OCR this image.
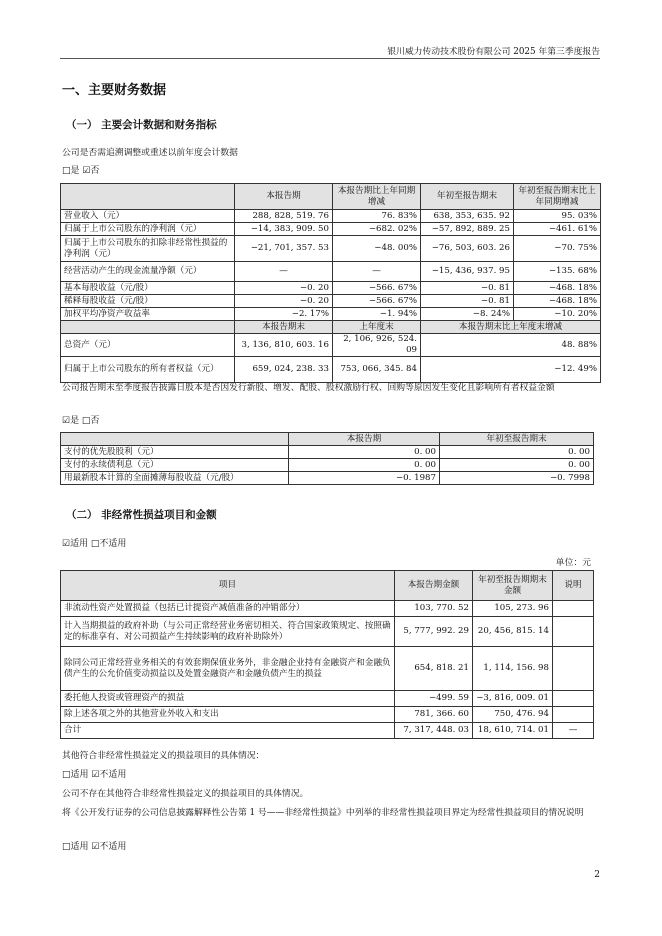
银川威力传动技术股份有限公司 2025 年第三季度报告
一、主要财务数据
（一） 主要会计数据和财务指标
公司是否需追溯调整或重述以前年度会计数据
□是 ☑否
	本报告期	本报告期比上年同期增减	年初至报告期末	年初至报告期末比上年同期增减
营业收入（元）	288, 828, 519. 76	76. 83%	638, 353, 635. 92	95. 03%
归属于上市公司股东的净利润（元）	−14, 383, 909. 50	−682. 02%	−57, 892, 889. 25	−461. 61%
归属于上市公司股东的扣除非经常性损益的净利润（元）	−21, 701, 357. 53	−48. 00%	−76, 503, 603. 26	−70. 75%
经营活动产生的现金流量净额（元）	—	—	−15, 436, 937. 95	−135. 68%
基本每股收益（元/股）	−0. 20	−566. 67%	−0. 81	−468. 18%
稀释每股收益（元/股）	−0. 20	−566. 67%	−0. 81	−468. 18%
加权平均净资产收益率	−2. 17%	−1. 94%	−8. 24%	−10. 20%
	本报告期末	上年度末	本报告期末比上年度末增减	
总资产（元）	3, 136, 810, 603. 16	2, 106, 926, 524. 09	48. 88%	
归属于上市公司股东的所有者权益（元）	659, 024, 238. 33	753, 066, 345. 84	−12. 49%	
公司报告期末至季度报告披露日股本是否因发行新股、增发、配股、股权激励行权、回购等原因发生变化且影响所有者权益金额
☑是 □否
	本报告期	年初至报告期末
支付的优先股股利（元）	0. 00	0. 00
支付的永续债利息（元）	0. 00	0. 00
用最新股本计算的全面摊薄每股收益（元/股）	−0. 1987	−0. 7998
（二） 非经常性损益项目和金额
☑适用 □不适用
单位：元
项目	本报告期金额	年初至报告期期末金额	说明
非流动性资产处置损益（包括已计提资产减值准备的冲销部分）	103, 770. 52	105, 273. 96	
计入当期损益的政府补助（与公司正常经营业务密切相关、符合国家政策规定、按照确定的标准享有、对公司损益产生持续影响的政府补助除外）	5, 777, 992. 29	20, 456, 815. 14	
除同公司正常经营业务相关的有效套期保值业务外，非金融企业持有金融资产和金融负债产生的公允价值变动损益以及处置金融资产和金融负债产生的损益	654, 818. 21	1, 114, 156. 98	
委托他人投资或管理资产的损益	−499. 59	−3, 816, 009. 01	
除上述各项之外的其他营业外收入和支出	781, 366. 60	750, 476. 94	
合计	7, 317, 448. 03	18, 610, 714. 01	—
其他符合非经常性损益定义的损益项目的具体情况：
□适用 ☑不适用
公司不存在其他符合非经常性损益定义的损益项目的具体情况。
将《公开发行证券的公司信息披露解释性公告第 1 号——非经常性损益》中列举的非经常性损益项目界定为经常性损益项目的情况说明
□适用 ☑不适用
2
